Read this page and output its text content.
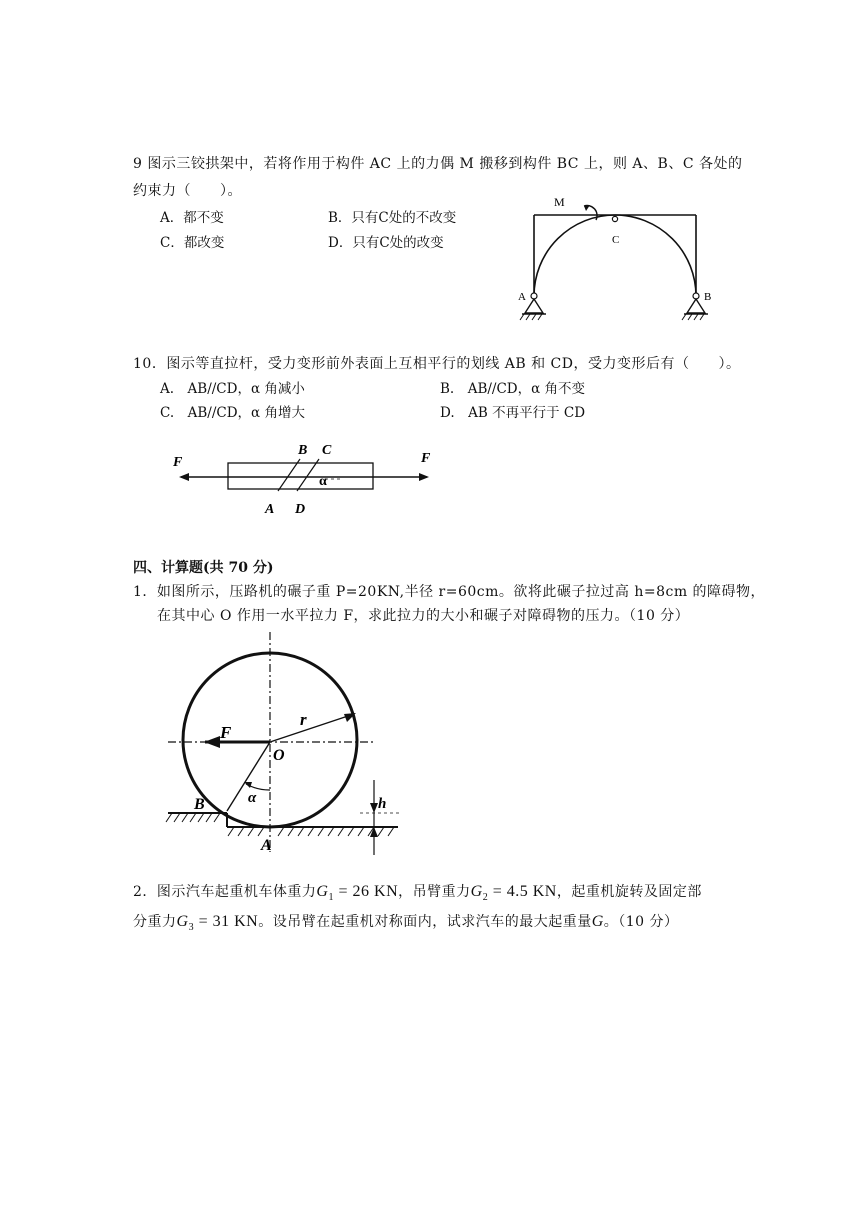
9 图示三铰拱架中，若将作用于构件 AC 上的力偶 M 搬移到构件 BC 上，则 A、B、C 各处的
约束力（　　）。
A．都不变	B．只有C处的不改变
C．都改变	D．只有C处的改变
M
C
A	B
10．图示等直拉杆，受力变形前外表面上互相平行的划线 AB 和 CD，受力变形后有（　　）。
A.　AB//CD，α 角减小	B.　AB//CD，α 角不变
C.　AB//CD，α 角增大	D.　AB 不再平行于 CD
F	F
B C
A D
α
四、计算题(共 70 分)
1．如图所示，压路机的碾子重 P=20KN,半径 r=60cm。欲将此碾子拉过高 h=8cm 的障碍物，
在其中心 O 作用一水平拉力 F，求此拉力的大小和碾子对障碍物的压力。（10 分）
F
r
O
α
B
A
h
2．图示汽车起重机车体重力$G_1 = 26$ KN，吊臂重力$G_2 = 4.5$ KN，起重机旋转及固定部
分重力$G_3 = 31$ KN。设吊臂在起重机对称面内，试求汽车的最大起重量G。（10 分）
